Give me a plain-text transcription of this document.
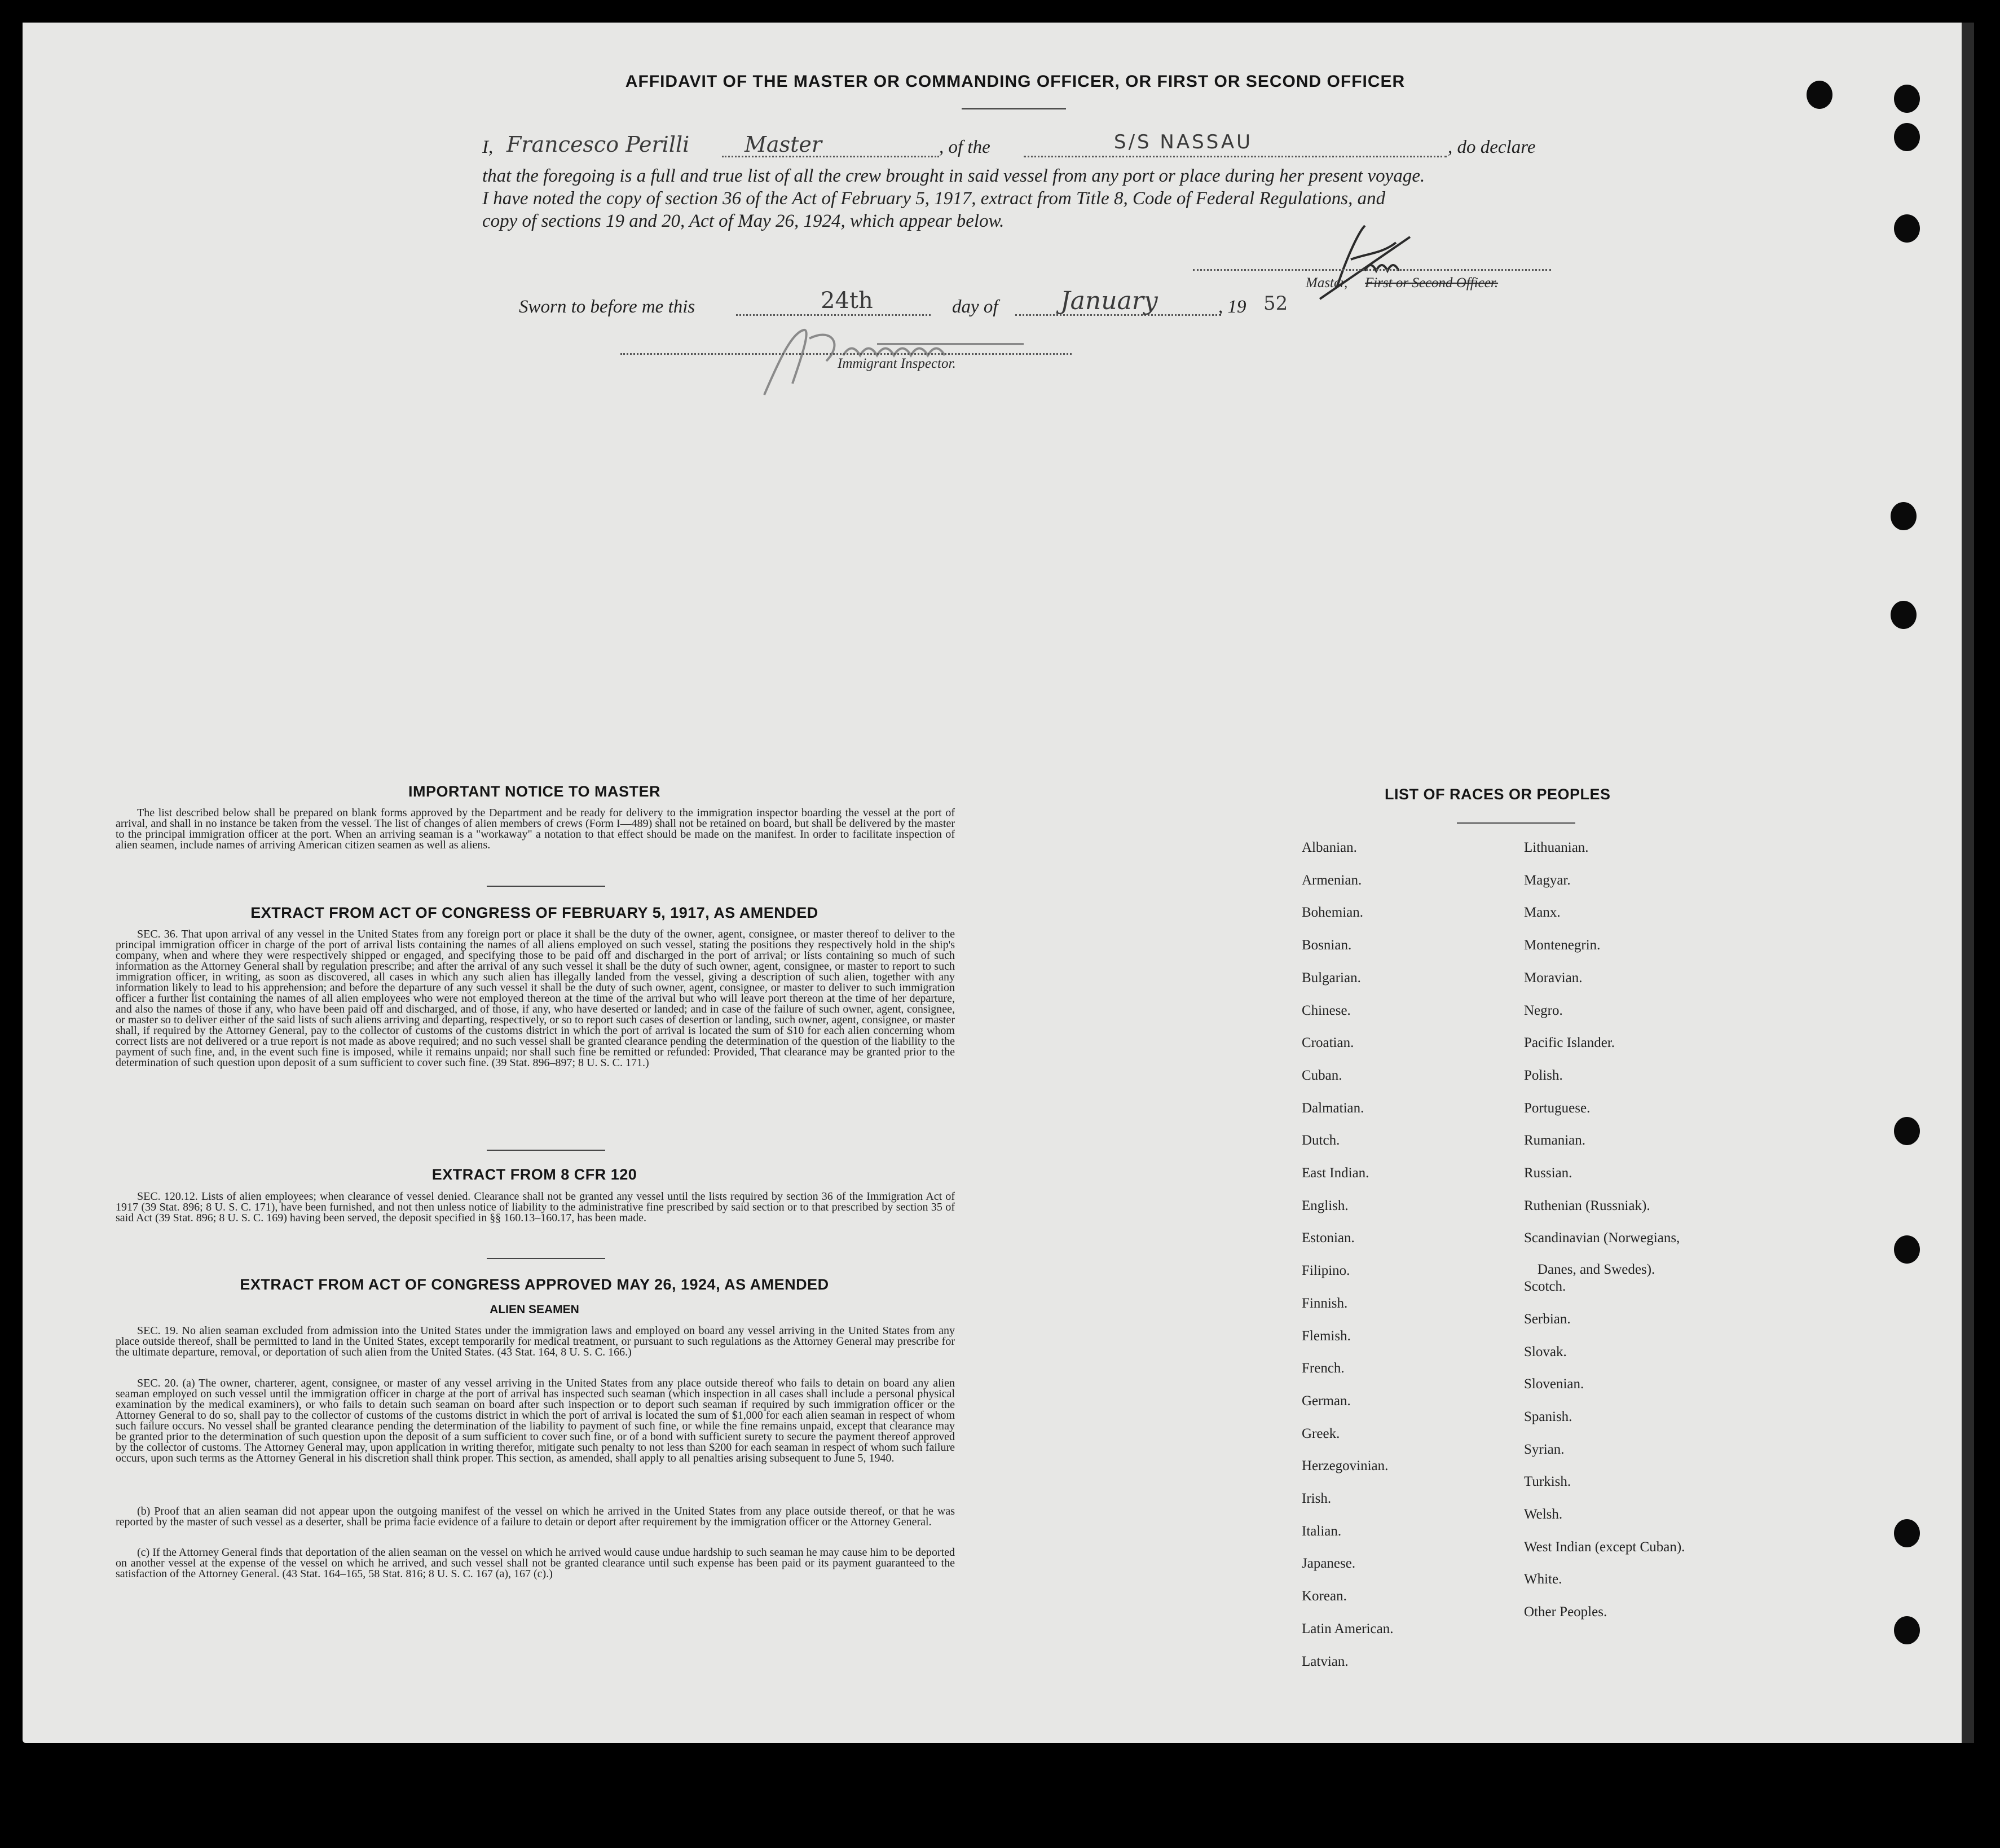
AFFIDAVIT OF THE MASTER OR COMMANDING OFFICER, OR FIRST OR SECOND OFFICER
I, Francesco Perilli	Master	, of the	S/S NASSAU	, do declare
that the foregoing is a full and true list of all the crew brought in said vessel from any port or place during her present voyage.
I have noted the copy of section 36 of the Act of February 5, 1917, extract from Title 8, Code of Federal Regulations, and
copy of sections 19 and 20, Act of May 26, 1924, which appear below.
Master, First or Second Officer.
Sworn to before me this	24th	day of	January	, 19 52
Immigrant Inspector.
IMPORTANT NOTICE TO MASTER
The list described below shall be prepared on blank forms approved by the Department and be ready for delivery to the immigration inspector boarding the vessel at the port of arrival, and shall in no instance be taken from the vessel. The list of changes of alien members of crews (Form I—489) shall not be retained on board, but shall be delivered by the master to the principal immigration officer at the port. When an arriving seaman is a "workaway" a notation to that effect should be made on the manifest. In order to facilitate inspection of alien seamen, include names of arriving American citizen seamen as well as aliens.
EXTRACT FROM ACT OF CONGRESS OF FEBRUARY 5, 1917, AS AMENDED
SEC. 36. That upon arrival of any vessel in the United States from any foreign port or place it shall be the duty of the owner, agent, consignee, or master thereof to deliver to the principal immigration officer in charge of the port of arrival lists containing the names of all aliens employed on such vessel, stating the positions they respectively hold in the ship's company, when and where they were respectively shipped or engaged, and specifying those to be paid off and discharged in the port of arrival; or lists containing so much of such information as the Attorney General shall by regulation prescribe; and after the arrival of any such vessel it shall be the duty of such owner, agent, consignee, or master to report to such immigration officer, in writing, as soon as discovered, all cases in which any such alien has illegally landed from the vessel, giving a description of such alien, together with any information likely to lead to his apprehension; and before the departure of any such vessel it shall be the duty of such owner, agent, consignee, or master to deliver to such immigration officer a further list containing the names of all alien employees who were not employed thereon at the time of the arrival but who will leave port thereon at the time of her departure, and also the names of those if any, who have been paid off and discharged, and of those, if any, who have deserted or landed; and in case of the failure of such owner, agent, consignee, or master so to deliver either of the said lists of such aliens arriving and departing, respectively, or so to report such cases of desertion or landing, such owner, agent, consignee, or master shall, if required by the Attorney General, pay to the collector of customs of the customs district in which the port of arrival is located the sum of $10 for each alien concerning whom correct lists are not delivered or a true report is not made as above required; and no such vessel shall be granted clearance pending the determination of the question of the liability to the payment of such fine, and, in the event such fine is imposed, while it remains unpaid; nor shall such fine be remitted or refunded: Provided, That clearance may be granted prior to the determination of such question upon deposit of a sum sufficient to cover such fine. (39 Stat. 896–897; 8 U. S. C. 171.)
EXTRACT FROM 8 CFR 120
SEC. 120.12. Lists of alien employees; when clearance of vessel denied. Clearance shall not be granted any vessel until the lists required by section 36 of the Immigration Act of 1917 (39 Stat. 896; 8 U. S. C. 171), have been furnished, and not then unless notice of liability to the administrative fine prescribed by said section or to that prescribed by section 35 of said Act (39 Stat. 896; 8 U. S. C. 169) having been served, the deposit specified in §§ 160.13–160.17, has been made.
EXTRACT FROM ACT OF CONGRESS APPROVED MAY 26, 1924, AS AMENDED
ALIEN SEAMEN
SEC. 19. No alien seaman excluded from admission into the United States under the immigration laws and employed on board any vessel arriving in the United States from any place outside thereof, shall be permitted to land in the United States, except temporarily for medical treatment, or pursuant to such regulations as the Attorney General may prescribe for the ultimate departure, removal, or deportation of such alien from the United States. (43 Stat. 164, 8 U. S. C. 166.)
SEC. 20. (a) The owner, charterer, agent, consignee, or master of any vessel arriving in the United States from any place outside thereof who fails to detain on board any alien seaman employed on such vessel until the immigration officer in charge at the port of arrival has inspected such seaman (which inspection in all cases shall include a personal physical examination by the medical examiners), or who fails to detain such seaman on board after such inspection or to deport such seaman if required by such immigration officer or the Attorney General to do so, shall pay to the collector of customs of the customs district in which the port of arrival is located the sum of $1,000 for each alien seaman in respect of whom such failure occurs. No vessel shall be granted clearance pending the determination of the liability to payment of such fine, or while the fine remains unpaid, except that clearance may be granted prior to the determination of such question upon the deposit of a sum sufficient to cover such fine, or of a bond with sufficient surety to secure the payment thereof approved by the collector of customs. The Attorney General may, upon application in writing therefor, mitigate such penalty to not less than $200 for each seaman in respect of whom such failure occurs, upon such terms as the Attorney General in his discretion shall think proper. This section, as amended, shall apply to all penalties arising subsequent to June 5, 1940.
(b) Proof that an alien seaman did not appear upon the outgoing manifest of the vessel on which he arrived in the United States from any place outside thereof, or that he was reported by the master of such vessel as a deserter, shall be prima facie evidence of a failure to detain or deport after requirement by the immigration officer or the Attorney General.
(c) If the Attorney General finds that deportation of the alien seaman on the vessel on which he arrived would cause undue hardship to such seaman he may cause him to be deported on another vessel at the expense of the vessel on which he arrived, and such vessel shall not be granted clearance until such expense has been paid or its payment guaranteed to the satisfaction of the Attorney General. (43 Stat. 164–165, 58 Stat. 816; 8 U. S. C. 167 (a), 167 (c).)
LIST OF RACES OR PEOPLES
Albanian.
Armenian.
Bohemian.
Bosnian.
Bulgarian.
Chinese.
Croatian.
Cuban.
Dalmatian.
Dutch.
East Indian.
English.
Estonian.
Filipino.
Finnish.
Flemish.
French.
German.
Greek.
Herzegovinian.
Irish.
Italian.
Japanese.
Korean.
Latin American.
Latvian.
Lithuanian.
Magyar.
Manx.
Montenegrin.
Moravian.
Negro.
Pacific Islander.
Polish.
Portuguese.
Rumanian.
Russian.
Ruthenian (Russniak).
Scandinavian (Norwegians,
Danes, and Swedes).
Scotch.
Serbian.
Slovak.
Slovenian.
Spanish.
Syrian.
Turkish.
Welsh.
West Indian (except Cuban).
White.
Other Peoples.
